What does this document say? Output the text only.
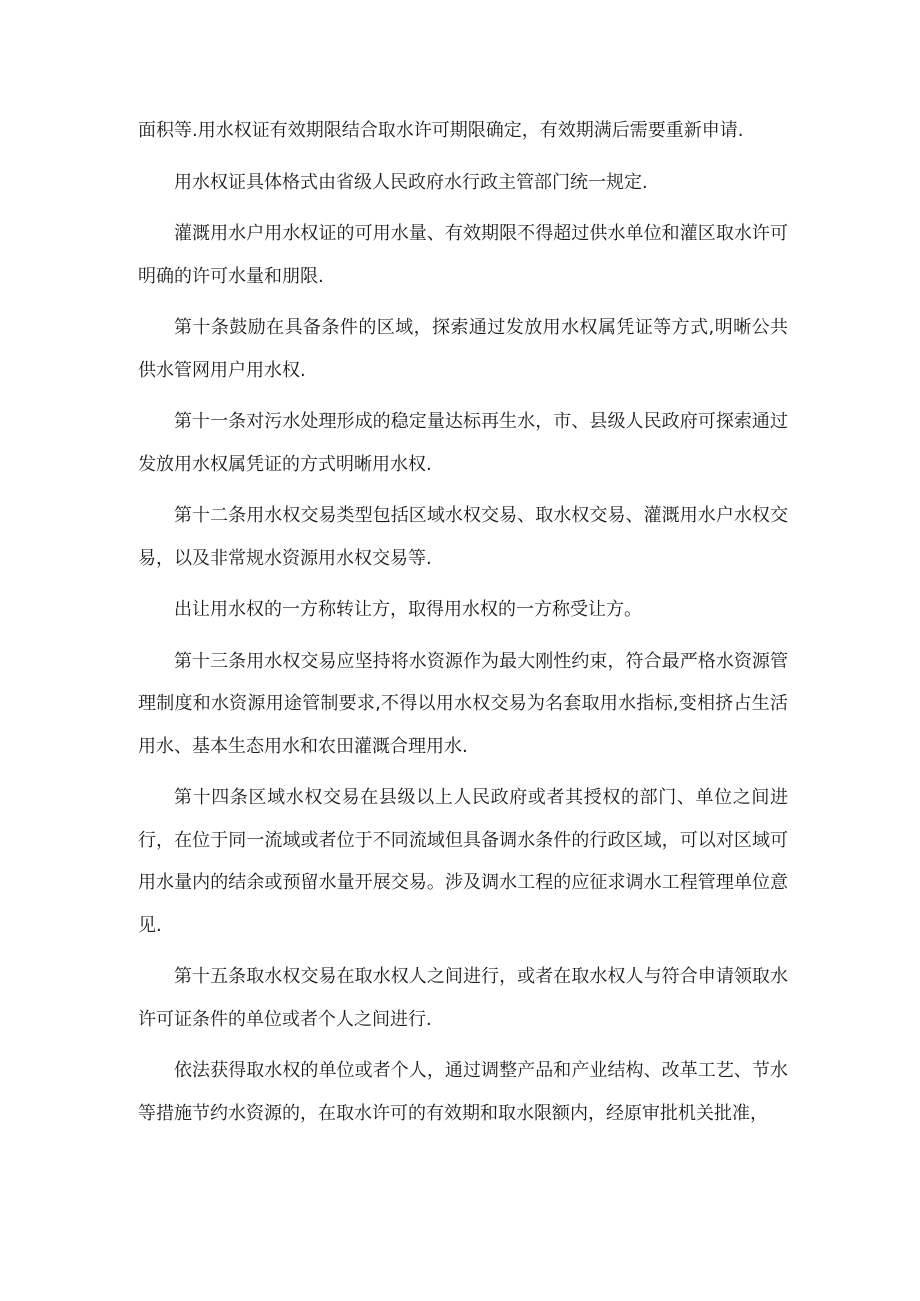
面积等.用水权证有效期限结合取水许可期限确定，有效期满后需要重新申请.

用水权证具体格式由省级人民政府水行政主管部门统一规定.

灌溉用水户用水权证的可用水量、有效期限不得超过供水单位和灌区取水许可明确的许可水量和朋限.

第十条鼓励在具备条件的区域，探索通过发放用水权属凭证等方式,明晰公共供水管网用户用水权.

第十一条对污水处理形成的稳定量达标再生水，市、县级人民政府可探索通过发放用水权属凭证的方式明晰用水权.

第十二条用水权交易类型包括区域水权交易、取水权交易、灌溉用水户水权交易，以及非常规水资源用水权交易等.

出让用水权的一方称转让方，取得用水权的一方称受让方。

第十三条用水权交易应坚持将水资源作为最大刚性约束，符合最严格水资源管理制度和水资源用途管制要求,不得以用水权交易为名套取用水指标,变相挤占生活用水、基本生态用水和农田灌溉合理用水.

第十四条区域水权交易在县级以上人民政府或者其授权的部门、单位之间进行，在位于同一流域或者位于不同流域但具备调水条件的行政区域，可以对区域可用水量内的结余或预留水量开展交易。涉及调水工程的应征求调水工程管理单位意见.

第十五条取水权交易在取水权人之间进行，或者在取水权人与符合申请领取水许可证条件的单位或者个人之间进行.

依法获得取水权的单位或者个人，通过调整产品和产业结构、改革工艺、节水等措施节约水资源的，在取水许可的有效期和取水限额内，经原审批机关批准，
